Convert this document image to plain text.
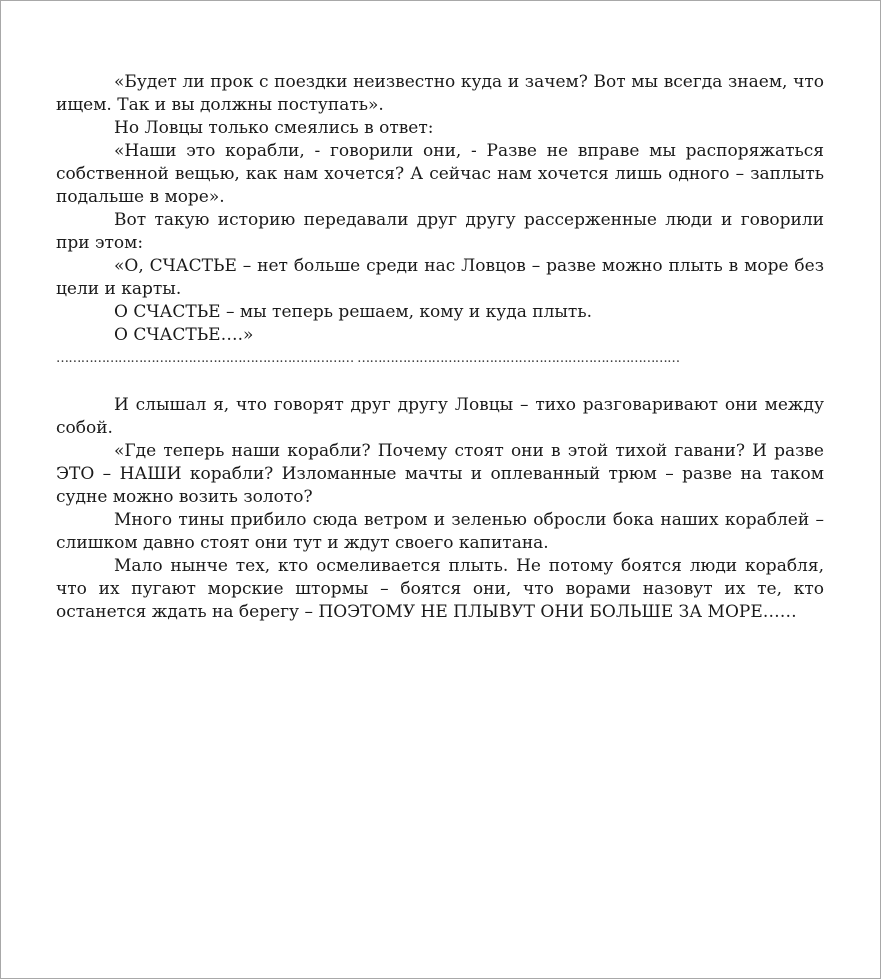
«Будет ли прок с поездки неизвестно куда и зачем? Вот мы всегда знаем, что ищем. Так и вы должны поступать».

Но Ловцы только смеялись в ответ:

«Наши это корабли, - говорили они, - Разве не вправе мы распоряжаться собственной вещью, как нам хочется? А сейчас нам хочется лишь одного – заплыть подальше в море».

Вот такую историю передавали друг другу рассерженные люди и говорили при этом:

«О, СЧАСТЬЕ – нет больше среди нас Ловцов – разве можно плыть в море без цели и карты.

О СЧАСТЬЕ – мы теперь решаем, кому и куда плыть.

О СЧАСТЬЕ….»

……………………………………………………………… ……………………………………………………………………

И слышал я, что говорят друг другу Ловцы – тихо разговаривают они между собой.

«Где теперь наши корабли? Почему стоят они в этой тихой гавани? И разве ЭТО – НАШИ корабли? Изломанные мачты и оплеванный трюм – разве на таком судне можно возить золото?

Много тины прибило сюда ветром и зеленью обросли бока наших кораблей – слишком давно стоят они тут и ждут своего капитана.

Мало нынче тех, кто осмеливается плыть. Не потому боятся люди корабля, что их пугают морские штормы – боятся они, что ворами назовут их те, кто останется ждать на берегу – ПОЭТОМУ НЕ ПЛЫВУТ ОНИ БОЛЬШЕ ЗА МОРЕ……
